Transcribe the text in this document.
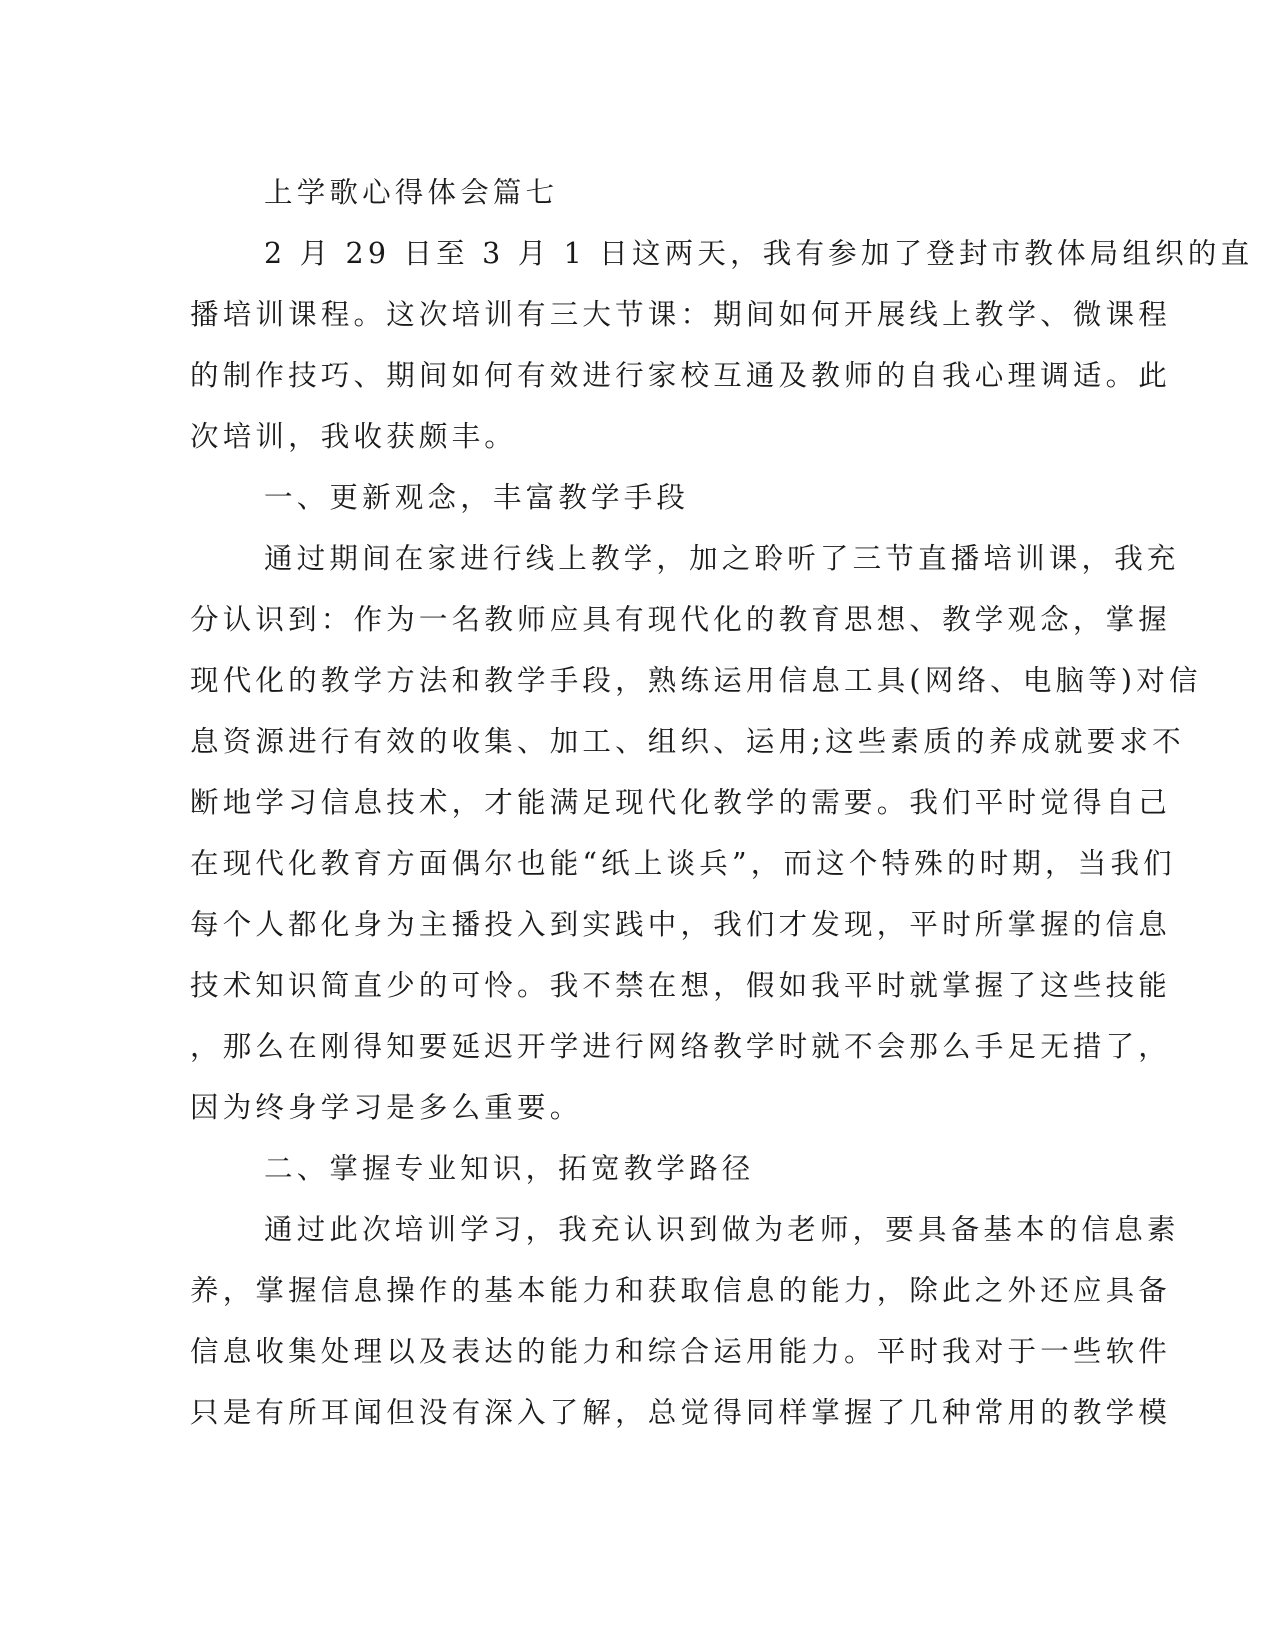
上学歌心得体会篇七
2 月 29 日至 3 月 1 日这两天，我有参加了登封市教体局组织的直
播培训课程。这次培训有三大节课：期间如何开展线上教学、微课程
的制作技巧、期间如何有效进行家校互通及教师的自我心理调适。此
次培训，我收获颇丰。
一、更新观念，丰富教学手段
通过期间在家进行线上教学，加之聆听了三节直播培训课，我充
分认识到：作为一名教师应具有现代化的教育思想、教学观念，掌握
现代化的教学方法和教学手段，熟练运用信息工具(网络、电脑等)对信
息资源进行有效的收集、加工、组织、运用;这些素质的养成就要求不
断地学习信息技术，才能满足现代化教学的需要。我们平时觉得自己
在现代化教育方面偶尔也能“纸上谈兵”，而这个特殊的时期，当我们
每个人都化身为主播投入到实践中，我们才发现，平时所掌握的信息
技术知识简直少的可怜。我不禁在想，假如我平时就掌握了这些技能
，那么在刚得知要延迟开学进行网络教学时就不会那么手足无措了，
因为终身学习是多么重要。
二、掌握专业知识，拓宽教学路径
通过此次培训学习，我充认识到做为老师，要具备基本的信息素
养，掌握信息操作的基本能力和获取信息的能力，除此之外还应具备
信息收集处理以及表达的能力和综合运用能力。平时我对于一些软件
只是有所耳闻但没有深入了解，总觉得同样掌握了几种常用的教学模
